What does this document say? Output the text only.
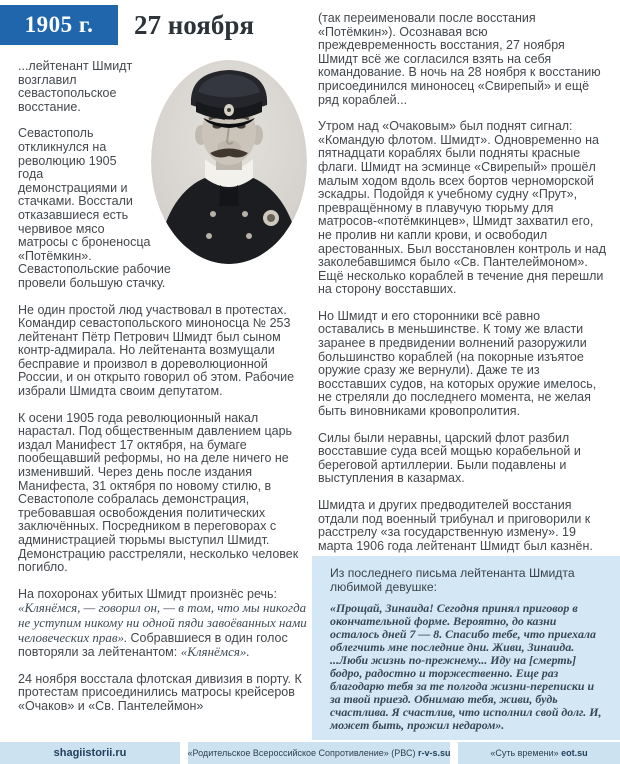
1905 г. 27 ноября

...лейтенант Шмидт возглавил севастопольское восстание.

Севастополь откликнулся на революцию 1905 года демонстрациями и стачками. Восстали отказавшиеся есть червивое мясо матросы с броненосца «Потёмкин». Севастопольские рабочие провели большую стачку.

Не один простой люд участвовал в протестах. Командир севастопольского миноносца № 253 лейтенант Пётр Петрович Шмидт был сыном контр-адмирала. Но лейтенанта возмущали бесправие и произвол в дореволюционной России, и он открыто говорил об этом. Рабочие избрали Шмидта своим депутатом.

К осени 1905 года революционный накал нарастал. Под общественным давлением царь издал Манифест 17 октября, на бумаге пообещавший реформы, но на деле ничего не изменивший. Через день после издания Манифеста, 31 октября по новому стилю, в Севастополе собралась демонстрация, требовавшая освобождения политических заключённых. Посредником в переговорах с администрацией тюрьмы выступил Шмидт. Демонстрацию расстреляли, несколько человек погибло.

На похоронах убитых Шмидт произнёс речь: «Клянёмся, — говорил он, — в том, что мы никогда не уступим никому ни одной пяди завоёванных нами человеческих прав». Собравшиеся в один голос повторяли за лейтенантом: «Клянёмся».

24 ноября восстала флотская дивизия в порту. К протестам присоединились матросы крейсеров «Очаков» и «Св. Пантелеймон»

(так переименовали после восстания «Потёмкин»). Осознавая всю преждевременность восстания, 27 ноября Шмидт всё же согласился взять на себя командование. В ночь на 28 ноября к восстанию присоединился миноносец «Свирепый» и ещё ряд кораблей...

Утром над «Очаковым» был поднят сигнал: «Командую флотом. Шмидт». Одновременно на пятнадцати кораблях были подняты красные флаги. Шмидт на эсминце «Свирепый» прошёл малым ходом вдоль всех бортов черноморской эскадры. Подойдя к учебному судну «Прут», превращённому в плавучую тюрьму для матросов-«потёмкинцев», Шмидт захватил его, не пролив ни капли крови, и освободил арестованных. Был восстановлен контроль и над заколебавшимся было «Св. Пантелеймоном». Ещё несколько кораблей в течение дня перешли на сторону восставших.

Но Шмидт и его сторонники всё равно оставались в меньшинстве. К тому же власти заранее в предвидении волнений разоружили большинство кораблей (на покорные изъятое оружие сразу же вернули). Даже те из восставших судов, на которых оружие имелось, не стреляли до последнего момента, не желая быть виновниками кровопролития.

Силы были неравны, царский флот разбил восставшие суда всей мощью корабельной и береговой артиллерии. Были подавлены и выступления в казармах.

Шмидта и других предводителей восстания отдали под военный трибунал и приговорили к расстрелу «за государственную измену». 19 марта 1906 года лейтенант Шмидт был казнён.

Из последнего письма лейтенанта Шмидта любимой девушке:

«Прощай, Зинаида! Сегодня принял приговор в окончательной форме. Вероятно, до казни осталось дней 7 — 8. Спасибо тебе, что приехала облегчить мне последние дни. Живи, Зинаида. ...Люби жизнь по-прежнему... Иду на [смерть] бодро, радостно и торжественно. Еще раз благодарю тебя за те полгода жизни-переписки и за твой приезд. Обнимаю тебя, живи, будь счастлива. Я счастлив, что исполнил свой долг. И, может быть, прожил недаром».

shagiistorii.ru	«Родительское Всероссийское Сопротивление» (РВС)
r-v-s.su	«Суть времени»
eot.su
